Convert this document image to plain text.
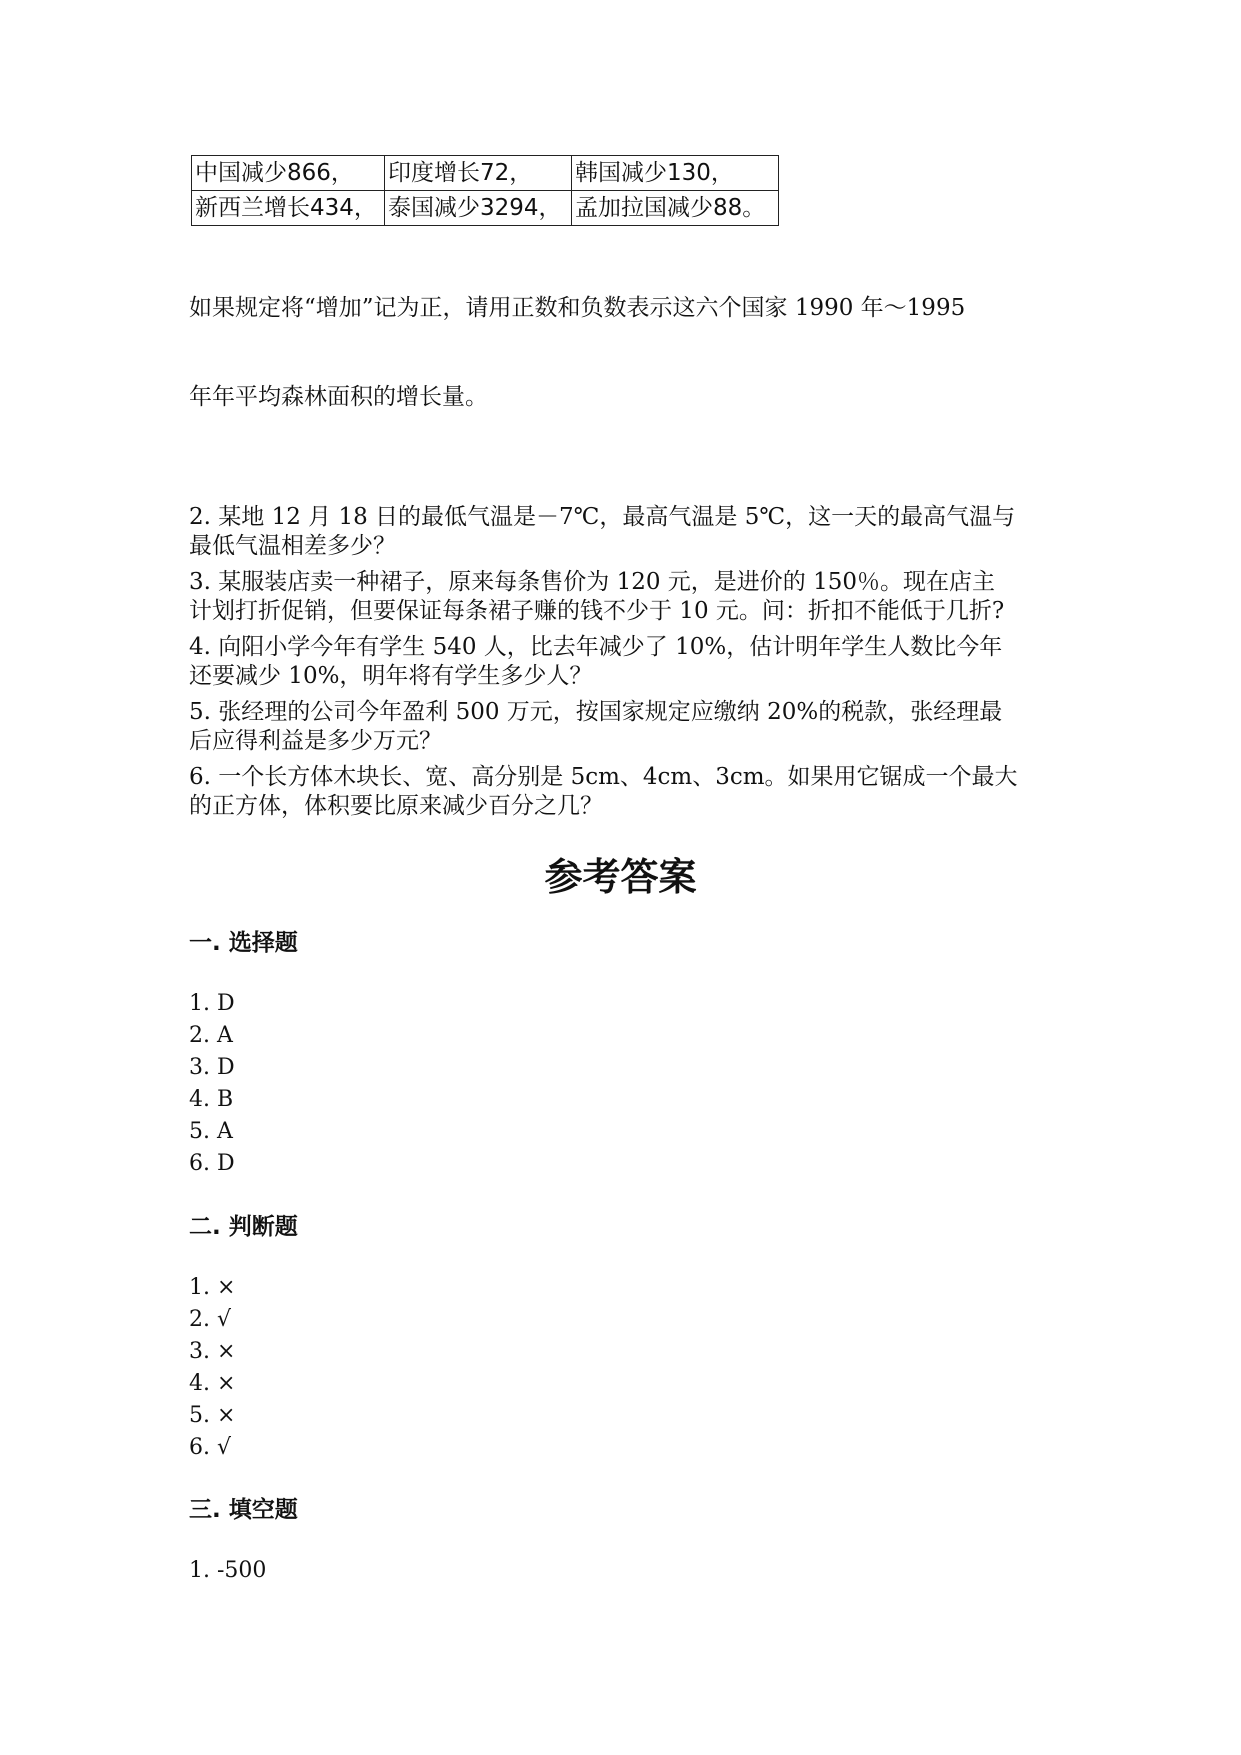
中国减少866，	印度增长72，	韩国减少130，
新西兰增长434，	泰国减少3294，	孟加拉国减少88。
如果规定将“增加”记为正，请用正数和负数表示这六个国家 1990 年～1995
年年平均森林面积的增长量。
2. 某地 12 月 18 日的最低气温是－7℃，最高气温是 5℃，这一天的最高气温与
最低气温相差多少？
3. 某服装店卖一种裙子，原来每条售价为 120 元，是进价的 150％。现在店主
计划打折促销，但要保证每条裙子赚的钱不少于 10 元。问：折扣不能低于几折?
4. 向阳小学今年有学生 540 人，比去年减少了 10%，估计明年学生人数比今年
还要减少 10%，明年将有学生多少人？
5. 张经理的公司今年盈利 500 万元，按国家规定应缴纳 20%的税款，张经理最
后应得利益是多少万元？
6. 一个长方体木块长、宽、高分别是 5cm、4cm、3cm。如果用它锯成一个最大
的正方体，体积要比原来减少百分之几？
参考答案
一. 选择题
1. D
2. A
3. D
4. B
5. A
6. D
二. 判断题
1. ×
2. √
3. ×
4. ×
5. ×
6. √
三. 填空题
1. -500
